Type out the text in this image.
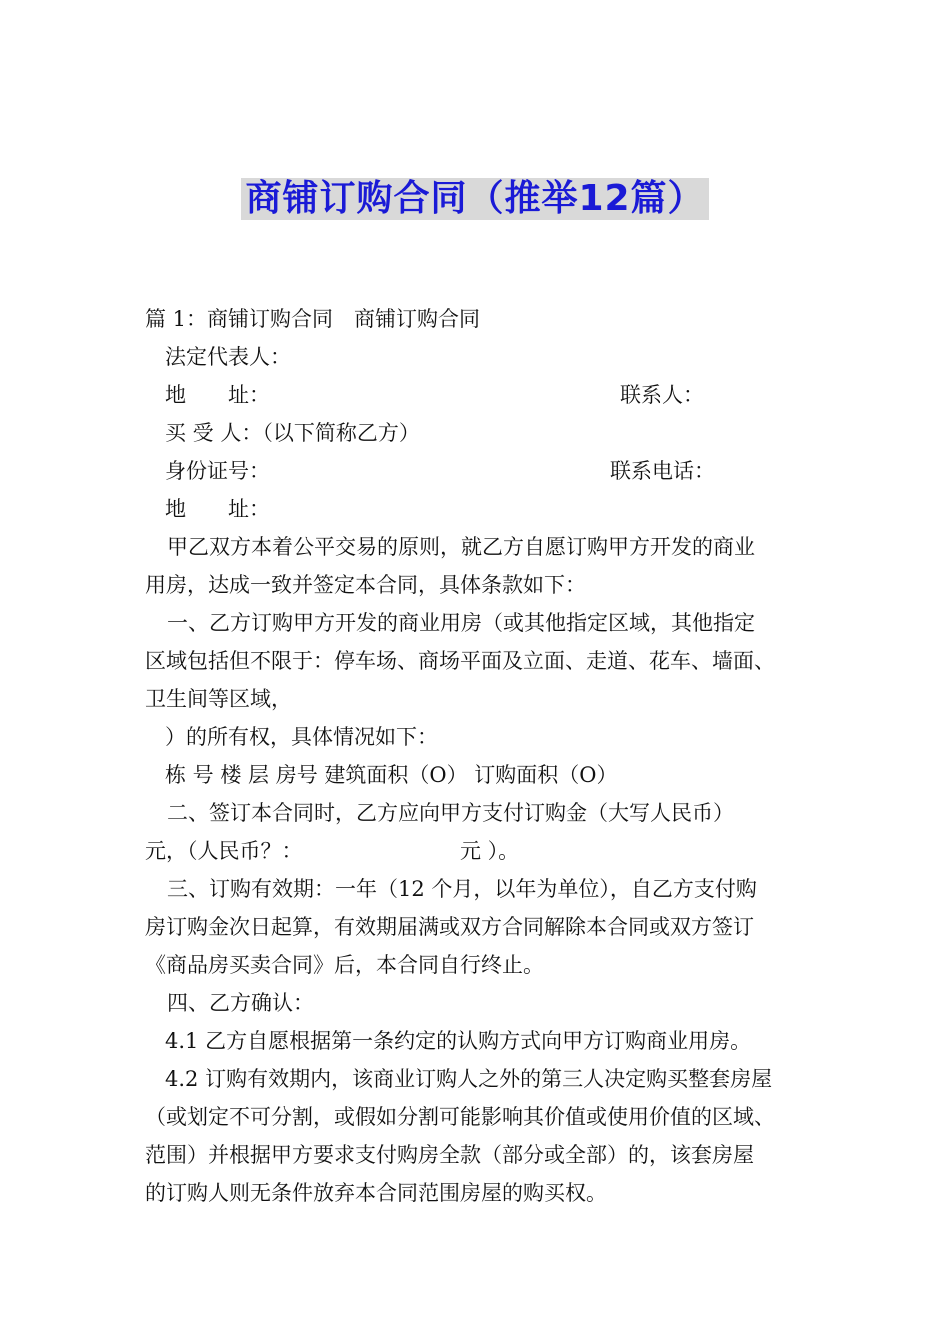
商铺订购合同（推举12篇）
篇 1：商铺订购合同　商铺订购合同
法定代表人：
地　　址：	联系人：
买 受 人：（以下简称乙方）
身份证号：	联系电话：
地　　址：
甲乙双方本着公平交易的原则，就乙方自愿订购甲方开发的商业
用房，达成一致并签定本合同，具体条款如下：
一、乙方订购甲方开发的商业用房（或其他指定区域，其他指定
区域包括但不限于：停车场、商场平面及立面、走道、花车、墙面、
卫生间等区域，
）的所有权，具体情况如下：
栋 号 楼 层 房号 建筑面积（O） 订购面积（O）
二、签订本合同时，乙方应向甲方支付订购金（大写人民币）
元，（人民币？：	元 ）。
三、订购有效期：一年（12 个月，以年为单位），自乙方支付购
房订购金次日起算，有效期届满或双方合同解除本合同或双方签订
《商品房买卖合同》后，本合同自行终止。
四、乙方确认：
4.1 乙方自愿根据第一条约定的认购方式向甲方订购商业用房。
4.2 订购有效期内，该商业订购人之外的第三人决定购买整套房屋
（或划定不可分割，或假如分割可能影响其价值或使用价值的区域、
范围）并根据甲方要求支付购房全款（部分或全部）的，该套房屋
的订购人则无条件放弃本合同范围房屋的购买权。
